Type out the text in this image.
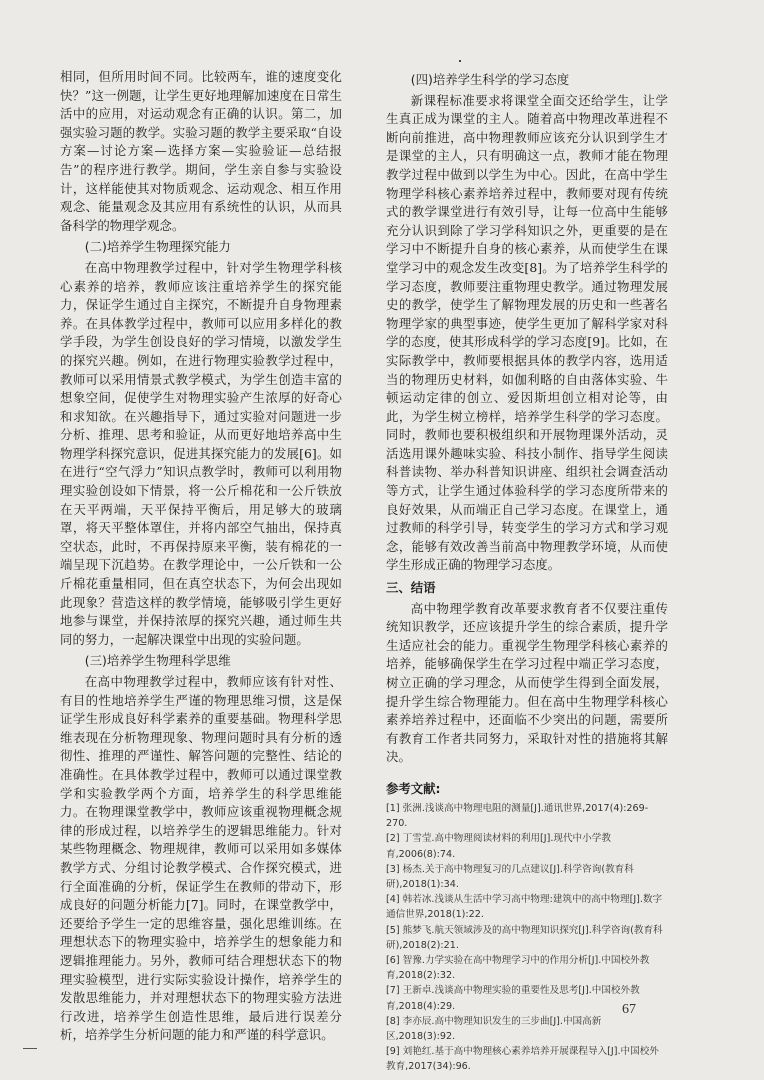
相同，但所用时间不同。比较两车，谁的速度变化快？”这一例题，让学生更好地理解加速度在日常生活中的应用，对运动观念有正确的认识。第二，加强实验习题的教学。实验习题的教学主要采取“自设方案—讨论方案—选择方案—实验验证—总结报告”的程序进行教学。期间，学生亲自参与实验设计，这样能使其对物质观念、运动观念、相互作用观念、能量观念及其应用有系统性的认识，从而具备科学的物理学观念。

(二)培养学生物理探究能力

在高中物理教学过程中，针对学生物理学科核心素养的培养，教师应该注重培养学生的探究能力，保证学生通过自主探究，不断提升自身物理素养。在具体教学过程中，教师可以应用多样化的教学手段，为学生创设良好的学习情境，以激发学生的探究兴趣。例如，在进行物理实验教学过程中，教师可以采用情景式教学模式，为学生创造丰富的想象空间，促使学生对物理实验产生浓厚的好奇心和求知欲。在兴趣指导下，通过实验对问题进一步分析、推理、思考和验证，从而更好地培养高中生物理学科探究意识，促进其探究能力的发展[6]。如在进行“空气浮力”知识点教学时，教师可以利用物理实验创设如下情景，将一公斤棉花和一公斤铁放在天平两端，天平保持平衡后，用足够大的玻璃罩，将天平整体罩住，并将内部空气抽出，保持真空状态，此时，不再保持原来平衡，装有棉花的一端呈现下沉趋势。在教学理论中，一公斤铁和一公斤棉花重量相同，但在真空状态下，为何会出现如此现象？营造这样的教学情境，能够吸引学生更好地参与课堂，并保持浓厚的探究兴趣，通过师生共同的努力，一起解决课堂中出现的实验问题。

(三)培养学生物理科学思维

在高中物理教学过程中，教师应该有针对性、有目的性地培养学生严谨的物理思维习惯，这是保证学生形成良好科学素养的重要基础。物理科学思维表现在分析物理现象、物理问题时具有分析的透彻性、推理的严谨性、解答问题的完整性、结论的准确性。在具体教学过程中，教师可以通过课堂教学和实验教学两个方面，培养学生的科学思维能力。在物理课堂教学中，教师应该重视物理概念规律的形成过程，以培养学生的逻辑思维能力。针对某些物理概念、物理规律，教师可以采用如多媒体教学方式、分组讨论教学模式、合作探究模式，进行全面准确的分析，保证学生在教师的带动下，形成良好的问题分析能力[7]。同时，在课堂教学中，还要给予学生一定的思维容量，强化思维训练。在理想状态下的物理实验中，培养学生的想象能力和逻辑推理能力。另外，教师可结合理想状态下的物理实验模型，进行实际实验设计操作，培养学生的发散思维能力，并对理想状态下的物理实验方法进行改进，培养学生创造性思维，最后进行误差分析，培养学生分析问题的能力和严谨的科学意识。

(四)培养学生科学的学习态度

新课程标准要求将课堂全面交还给学生，让学生真正成为课堂的主人。随着高中物理改革进程不断向前推进，高中物理教师应该充分认识到学生才是课堂的主人，只有明确这一点，教师才能在物理教学过程中做到以学生为中心。因此，在高中学生物理学科核心素养培养过程中，教师要对现有传统式的教学课堂进行有效引导，让每一位高中生能够充分认识到除了学习学科知识之外，更重要的是在学习中不断提升自身的核心素养，从而使学生在课堂学习中的观念发生改变[8]。为了培养学生科学的学习态度，教师要注重物理史教学。通过物理发展史的教学，使学生了解物理发展的历史和一些著名物理学家的典型事迹，使学生更加了解科学家对科学的态度，使其形成科学的学习态度[9]。比如，在实际教学中，教师要根据具体的教学内容，选用适当的物理历史材料，如伽利略的自由落体实验、牛顿运动定律的创立、爱因斯坦创立相对论等，由此，为学生树立榜样，培养学生科学的学习态度。同时，教师也要积极组织和开展物理课外活动，灵活选用课外趣味实验、科技小制作、指导学生阅读科普读物、举办科普知识讲座、组织社会调查活动等方式，让学生通过体验科学的学习态度所带来的良好效果，从而端正自己学习态度。在课堂上，通过教师的科学引导，转变学生的学习方式和学习观念，能够有效改善当前高中物理教学环境，从而使学生形成正确的物理学习态度。

三、结语

高中物理学教育改革要求教育者不仅要注重传统知识教学，还应该提升学生的综合素质，提升学生适应社会的能力。重视学生物理学科核心素养的培养，能够确保学生在学习过程中端正学习态度，树立正确的学习理念，从而使学生得到全面发展，提升学生综合物理能力。但在高中生物理学科核心素养培养过程中，还面临不少突出的问题，需要所有教育工作者共同努力，采取针对性的措施将其解决。

参考文献:
[1] 张洲.浅谈高中物理电阻的测量[J].通讯世界,2017(4):269-270.
[2] 丁雪莹.高中物理阅读材料的利用[J].现代中小学教育,2006(8):74.
[3] 杨杰.关于高中物理复习的几点建议[J].科学咨询(教育科研),2018(1):34.
[4] 韩若冰.浅谈从生活中学习高中物理:建筑中的高中物理[J].数字通信世界,2018(1):22.
[5] 熊梦飞.航天领域涉及的高中物理知识探究[J].科学咨询(教育科研),2018(2):21.
[6] 智豫.力学实验在高中物理学习中的作用分析[J].中国校外教育,2018(2):32.
[7] 王新卓.浅谈高中物理实验的重要性及思考[J].中国校外教育,2018(4):29.
[8] 李亦辰.高中物理知识发生的三步曲[J].中国高新区,2018(3):92.
[9] 刘艳红.基于高中物理核心素养培养开展课程导入[J].中国校外教育,2017(34):96.
67
